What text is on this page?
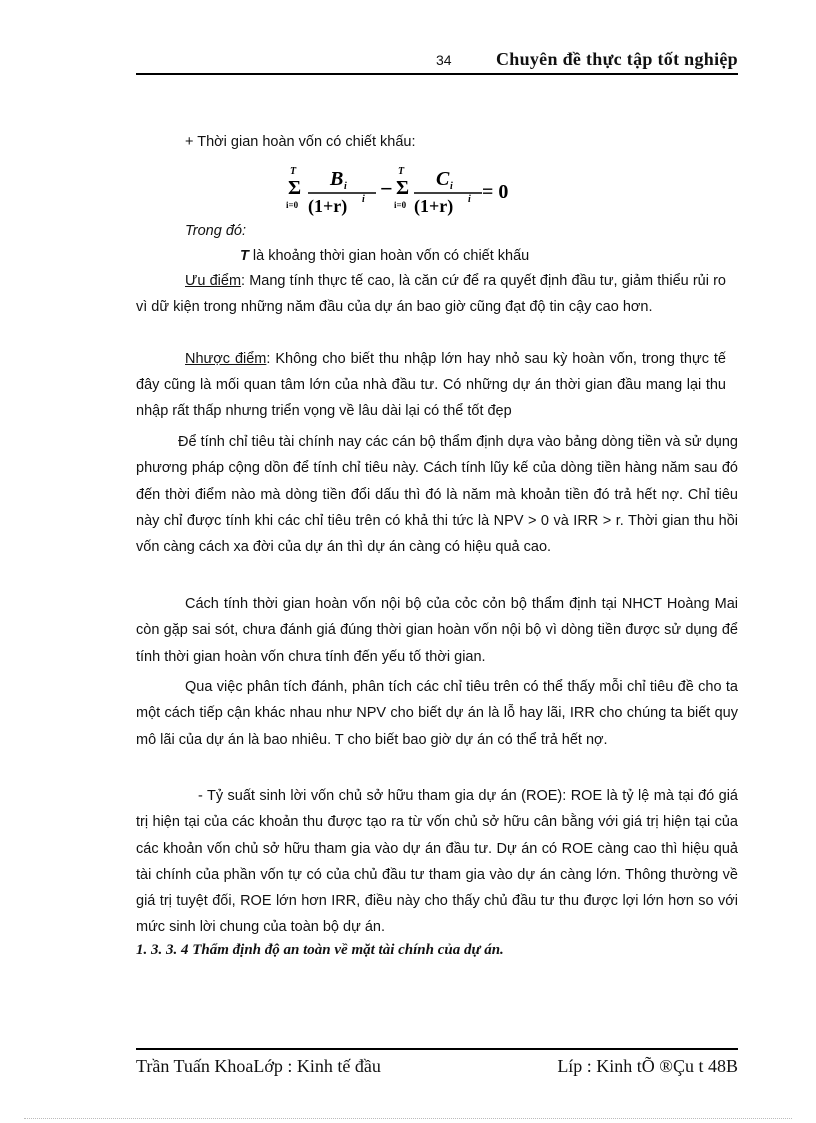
34 Chuyên đề thực tập tốt nghiệp
+ Thời gian hoàn vốn có chiết khấu:
T
Σ
i=0
B i
(1+r) i −
T
Σ
i=0
C i
(1+r) i = 0
Trong đó:
T là khoảng thời gian hoàn vốn có chiết khấu
Ưu điểm: Mang tính thực tế cao, là căn cứ để ra quyết định đầu tư, giảm thiểu rủi ro vì dữ kiện trong những năm đầu của dự án bao giờ cũng đạt độ tin cậy cao hơn.
Nhược điểm: Không cho biết thu nhập lớn hay nhỏ sau kỳ hoàn vốn, trong thực tế đây cũng là mối quan tâm lớn của nhà đầu tư. Có những dự án thời gian đầu mang lại thu nhập rất thấp nhưng triển vọng về lâu dài lại có thể tốt đẹp
Để tính chỉ tiêu tài chính nay các cán bộ thẩm định dựa vào bảng dòng tiền và sử dụng phương pháp cộng dồn để tính chỉ tiêu này. Cách tính lũy kế của dòng tiền hàng năm sau đó đến thời điểm nào mà dòng tiền đổi dấu thì đó là năm mà khoản tiền đó trả hết nợ. Chỉ tiêu này chỉ được tính khi các chỉ tiêu trên có khả thi tức là NPV > 0 và IRR > r. Thời gian thu hồi vốn càng cách xa đời của dự án thì dự án càng có hiệu quả cao.
Cách tính thời gian hoàn vốn nội bộ của cỏc cỏn bộ thẩm định tại NHCT Hoàng Mai còn gặp sai sót, chưa đánh giá đúng thời gian hoàn vốn nội bộ vì dòng tiền được sử dụng để tính thời gian hoàn vốn chưa tính đến yếu tố thời gian.
Qua việc phân tích đánh, phân tích các chỉ tiêu trên có thể thấy mỗi chỉ tiêu đề cho ta một cách tiếp cận khác nhau như NPV cho biết dự án là lỗ hay lãi, IRR cho chúng ta biết quy mô lãi của dự án là bao nhiêu. T cho biết bao giờ dự án có thể trả hết nợ.
- Tỷ suất sinh lời vốn chủ sở hữu tham gia dự án (ROE): ROE là tỷ lệ mà tại đó giá trị hiện tại của các khoản thu được tạo ra từ vốn chủ sở hữu cân bằng với giá trị hiện tại của các khoản vốn chủ sở hữu tham gia vào dự án đầu tư. Dự án có ROE càng cao thì hiệu quả tài chính của phần vốn tự có của chủ đầu tư tham gia vào dự án càng lớn. Thông thường về giá trị tuyệt đối, ROE lớn hơn IRR, điều này cho thấy chủ đầu tư thu được lợi lớn hơn so với mức sinh lời chung của toàn bộ dự án.
1. 3. 3. 4 Thẩm định độ an toàn về mặt tài chính của dự án.
Trần Tuấn KhoaLớp : Kinh tế đầu	Líp : Kinh tÕ ®Çu t 48B
